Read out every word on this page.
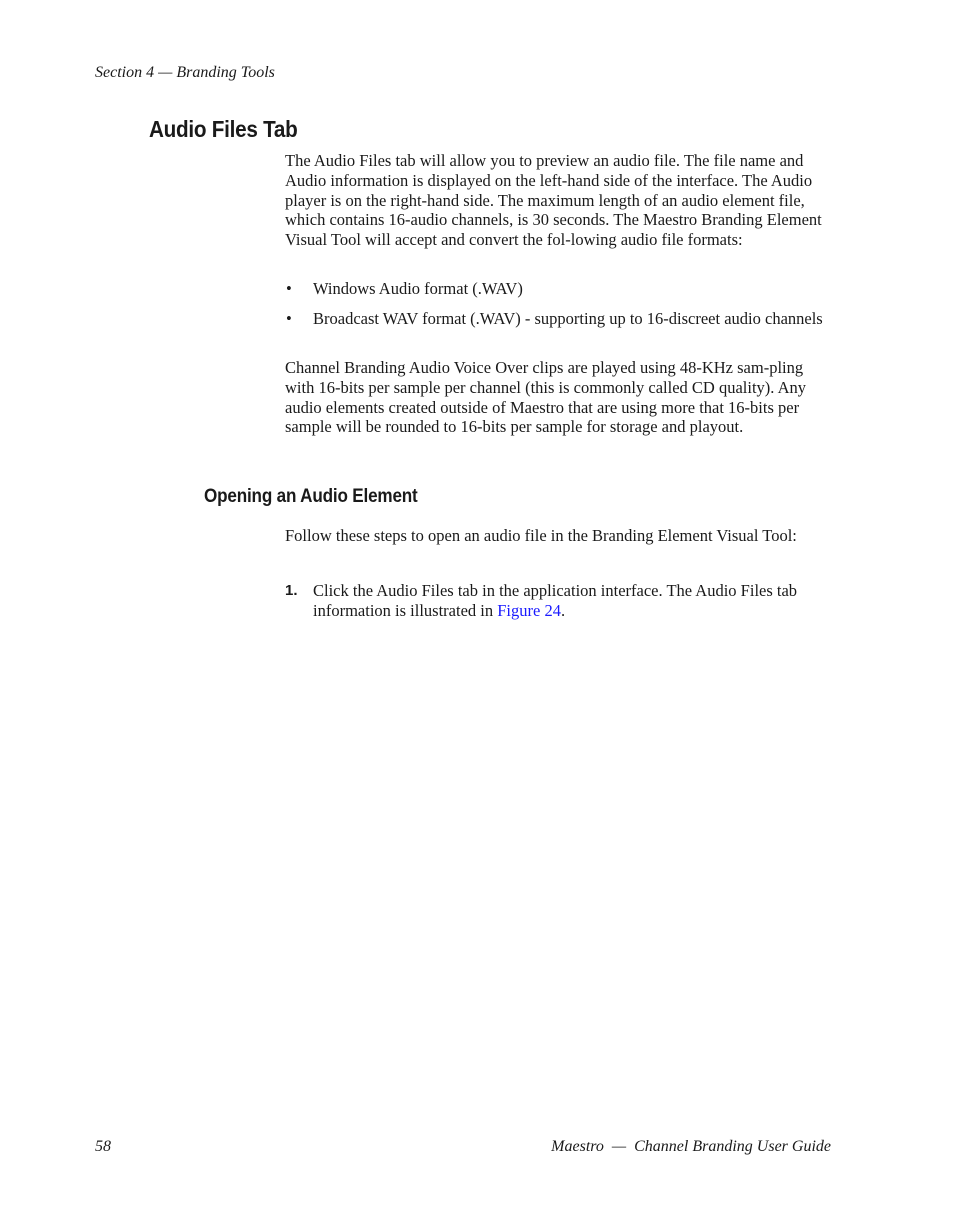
Section 4 — Branding Tools
Audio Files Tab

The Audio Files tab will allow you to preview an audio file. The file name and Audio information is displayed on the left-hand side of the interface. The Audio player is on the right-hand side. The maximum length of an audio element file, which contains 16-audio channels, is 30 seconds. The Maestro Branding Element Visual Tool will accept and convert the fol-lowing audio file formats:

• Windows Audio format (.WAV)
• Broadcast WAV format (.WAV) - supporting up to 16-discreet audio channels

Channel Branding Audio Voice Over clips are played using 48-KHz sam-pling with 16-bits per sample per channel (this is commonly called CD quality). Any audio elements created outside of Maestro that are using more that 16-bits per sample will be rounded to 16-bits per sample for storage and playout.

Opening an Audio Element

Follow these steps to open an audio file in the Branding Element Visual Tool:

1. Click the Audio Files tab in the application interface. The Audio Files tab information is illustrated in Figure 24.
58	Maestro  —  Channel Branding User Guide
